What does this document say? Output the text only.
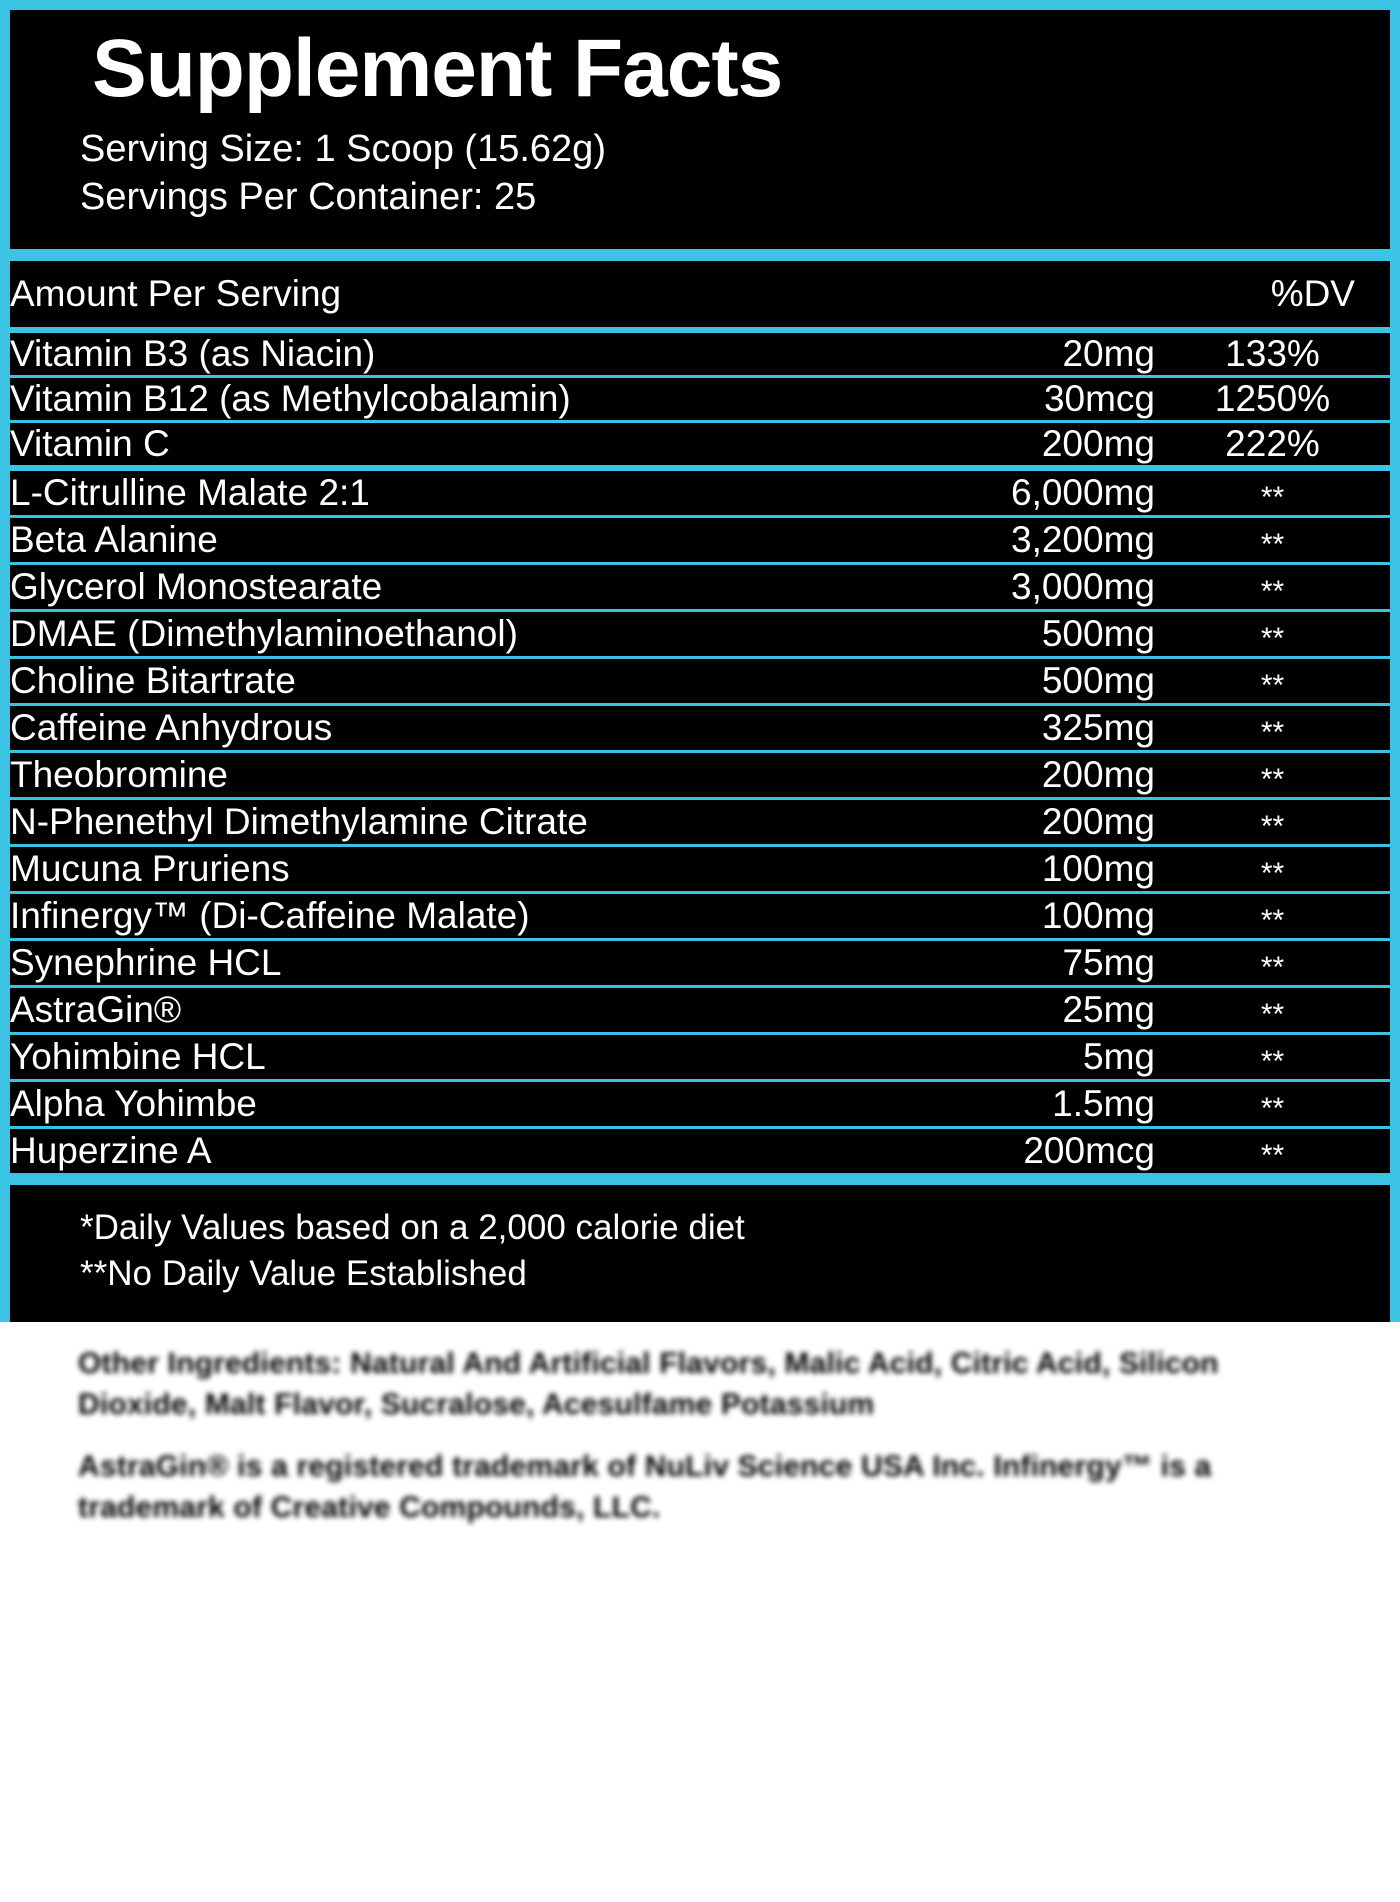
Supplement Facts

Serving Size: 1 Scoop (15.62g)

Servings Per Container: 25

Amount Per Serving		%DV
Vitamin B3 (as Niacin)	20mg	133%
Vitamin B12 (as Methylcobalamin)	30mcg	1250%
Vitamin C	200mg	222%
L-Citrulline Malate 2:1	6,000mg	**
Beta Alanine	3,200mg	**
Glycerol Monostearate	3,000mg	**
DMAE (Dimethylaminoethanol)	500mg	**
Choline Bitartrate	500mg	**
Caffeine Anhydrous	325mg	**
Theobromine	200mg	**
N-Phenethyl Dimethylamine Citrate	200mg	**
Mucuna Pruriens	100mg	**
Infinergy™ (Di-Caffeine Malate)	100mg	**
Synephrine HCL	75mg	**
AstraGin®	25mg	**
Yohimbine HCL	5mg	**
Alpha Yohimbe	1.5mg	**
Huperzine A	200mcg	**

*Daily Values based on a 2,000 calorie diet

**No Daily Value Established

Other Ingredients: Natural And Artificial Flavors, Malic Acid, Citric Acid, Silicon Dioxide, Malt Flavor, Sucralose, Acesulfame Potassium

AstraGin® is a registered trademark of NuLiv Science USA Inc. Infinergy™ is a trademark of Creative Compounds, LLC.
